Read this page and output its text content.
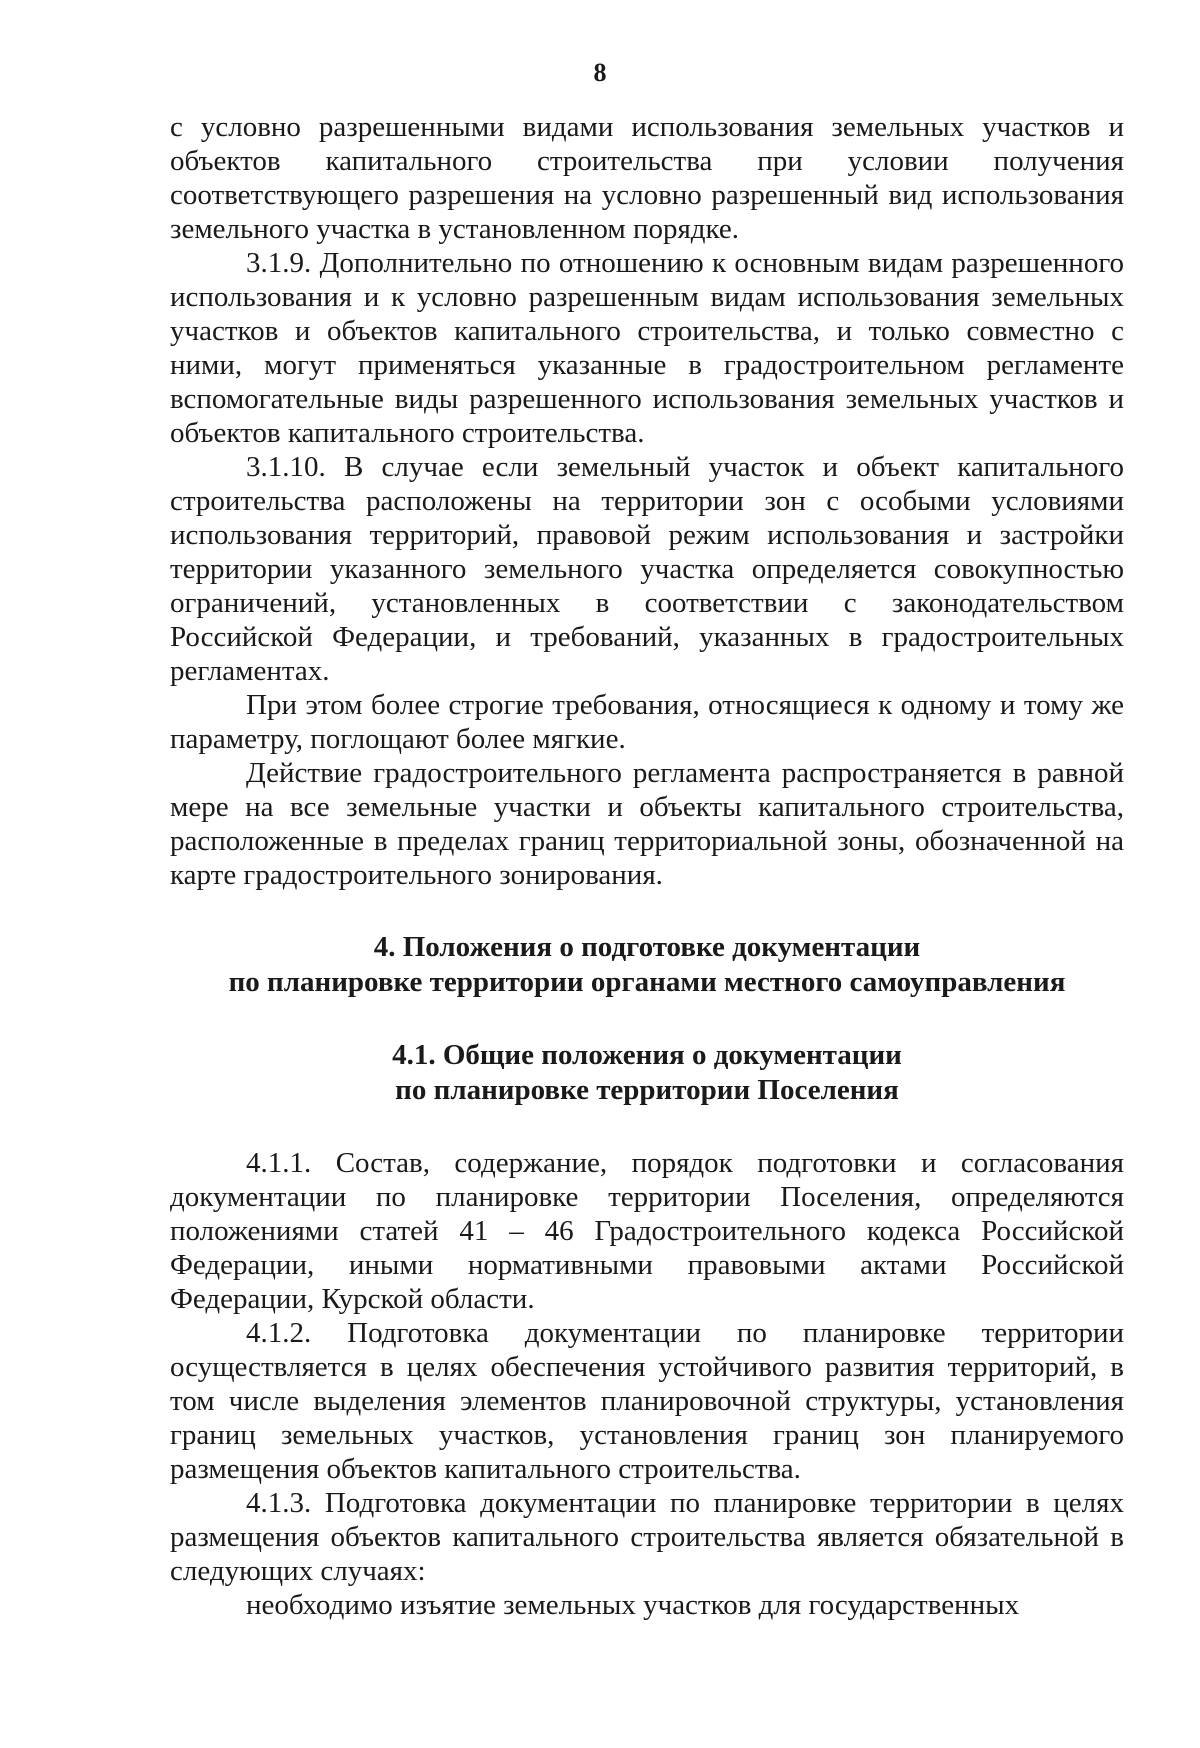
8

с условно разрешенными видами использования земельных участков и объектов капитального строительства при условии получения соответствующего разрешения на условно разрешенный вид использования земельного участка в установленном порядке.

3.1.9. Дополнительно по отношению к основным видам разрешенного использования и к условно разрешенным видам использования земельных участков и объектов капитального строительства, и только совместно с ними, могут применяться указанные в градостроительном регламенте вспомогательные виды разрешенного использования земельных участков и объектов капитального строительства.

3.1.10. В случае если земельный участок и объект капитального строительства расположены на территории зон с особыми условиями использования территорий, правовой режим использования и застройки территории указанного земельного участка определяется совокупностью ограничений, установленных в соответствии с законодательством Российской Федерации, и требований, указанных в градостроительных регламентах.

При этом более строгие требования, относящиеся к одному и тому же параметру, поглощают более мягкие.

Действие градостроительного регламента распространяется в равной мере на все земельные участки и объекты капитального строительства, расположенные в пределах границ территориальной зоны, обозначенной на карте градостроительного зонирования.

4. Положения о подготовке документации

по планировке территории органами местного самоуправления

4.1. Общие положения о документации

по планировке территории Поселения

4.1.1. Состав, содержание, порядок подготовки и согласования документации по планировке территории Поселения, определяются положениями статей 41 – 46 Градостроительного кодекса Российской Федерации, иными нормативными правовыми актами Российской Федерации, Курской области.

4.1.2. Подготовка документации по планировке территории осуществляется в целях обеспечения устойчивого развития территорий, в том числе выделения элементов планировочной структуры, установления границ земельных участков, установления границ зон планируемого размещения объектов капитального строительства.

4.1.3. Подготовка документации по планировке территории в целях размещения объектов капитального строительства является обязательной в следующих случаях:

необходимо изъятие земельных участков для государственных
